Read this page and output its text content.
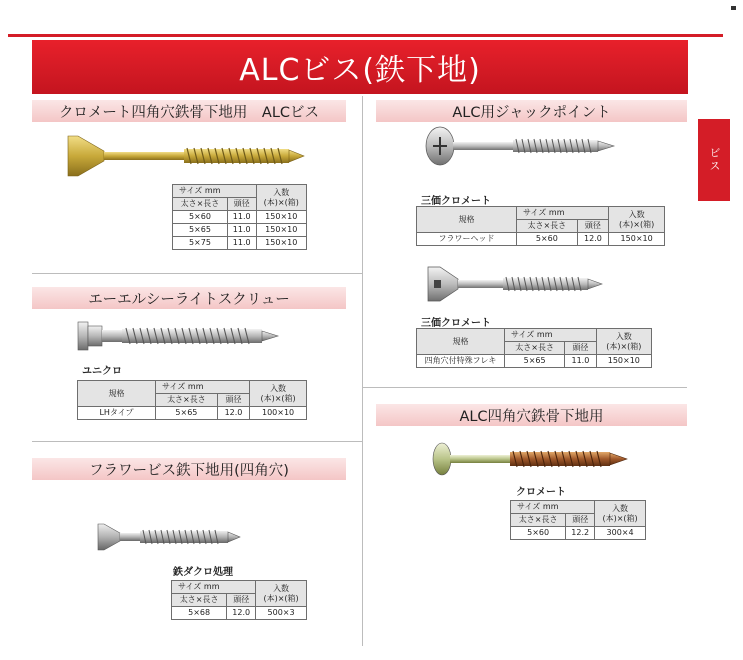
ALCビス(鉄下地)
ビス
クロメート四角穴鉄骨下地用　ALCビス
サイズ mm		入数
(本)×(箱)
太さ×長さ	頭径	
5×60	11.0	150×10
5×65	11.0	150×10
5×75	11.0	150×10
エーエルシーライトスクリュー
ユニクロ
規格	サイズ mm		入数
(本)×(箱)
	太さ×長さ	頭径	
LHタイプ	5×65	12.0	100×10
フラワービス鉄下地用(四角穴)
鉄ダクロ処理
サイズ mm		入数
(本)×(箱)
太さ×長さ	頭径	
5×68	12.0	500×3
ALC用ジャックポイント
三価クロメート
規格	サイズ mm		入数
(本)×(箱)
	太さ×長さ	頭径	
フラワーヘッド	5×60	12.0	150×10
三価クロメート
規格	サイズ mm		入数
(本)×(箱)
	太さ×長さ	頭径	
四角穴付特殊フレキ	5×65	11.0	150×10
ALC四角穴鉄骨下地用
クロメート
サイズ mm		入数
(本)×(箱)
太さ×長さ	頭径	
5×60	12.2	300×4
